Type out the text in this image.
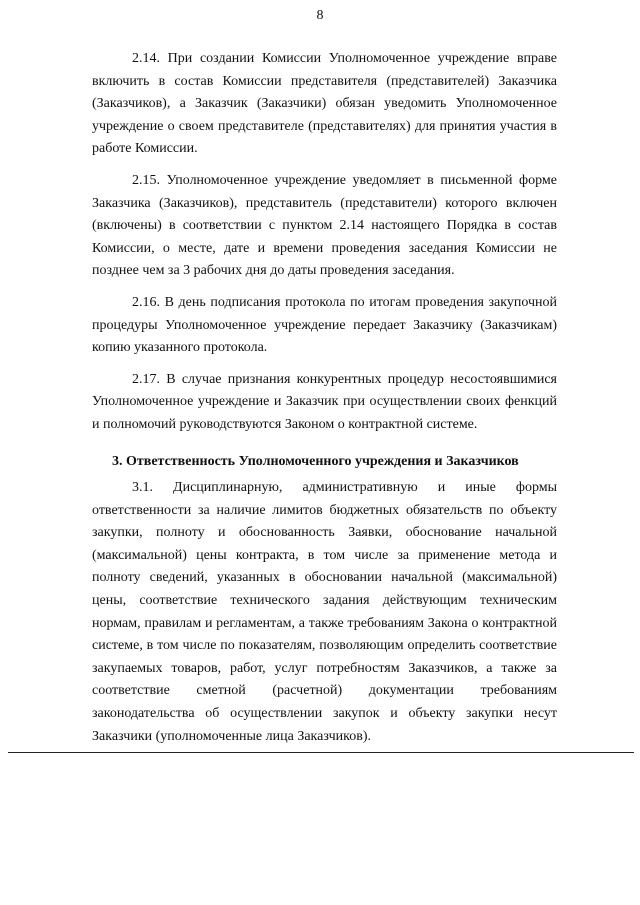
8

2.14. При создании Комиссии Уполномоченное учреждение вправе включить в состав Комиссии представителя (представителей) Заказчика (Заказчиков), а Заказчик (Заказчики) обязан уведомить Уполномоченное учреждение о своем представителе (представителях) для принятия участия в работе Комиссии.

2.15. Уполномоченное учреждение уведомляет в письменной форме Заказчика (Заказчиков), представитель (представители) которого включен (включены) в соответствии с пунктом 2.14 настоящего Порядка в состав Комиссии, о месте, дате и времени проведения заседания Комиссии не позднее чем за 3 рабочих дня до даты проведения заседания.

2.16. В день подписания протокола по итогам проведения закупочной процедуры Уполномоченное учреждение передает Заказчику (Заказчикам) копию указанного протокола.

2.17. В случае признания конкурентных процедур несостоявшимися Уполномоченное учреждение и Заказчик при осуществлении своих фенкций и полномочий руководствуются Законом о контрактной системе.

3. Ответственность Уполномоченного учреждения и Заказчиков

3.1. Дисциплинарную, административную и иные формы ответственности за наличие лимитов бюджетных обязательств по объекту закупки, полноту и обоснованность Заявки, обоснование начальной (максимальной) цены контракта, в том числе за применение метода и полноту сведений, указанных в обосновании начальной (максимальной) цены, соответствие технического задания действующим техническим нормам, правилам и регламентам, а также требованиям Закона о контрактной системе, в том числе по показателям, позволяющим определить соответствие закупаемых товаров, работ, услуг потребностям Заказчиков, а также за соответствие сметной (расчетной) документации требованиям законодательства об осуществлении закупок и объекту закупки несут Заказчики (уполномоченные лица Заказчиков).
